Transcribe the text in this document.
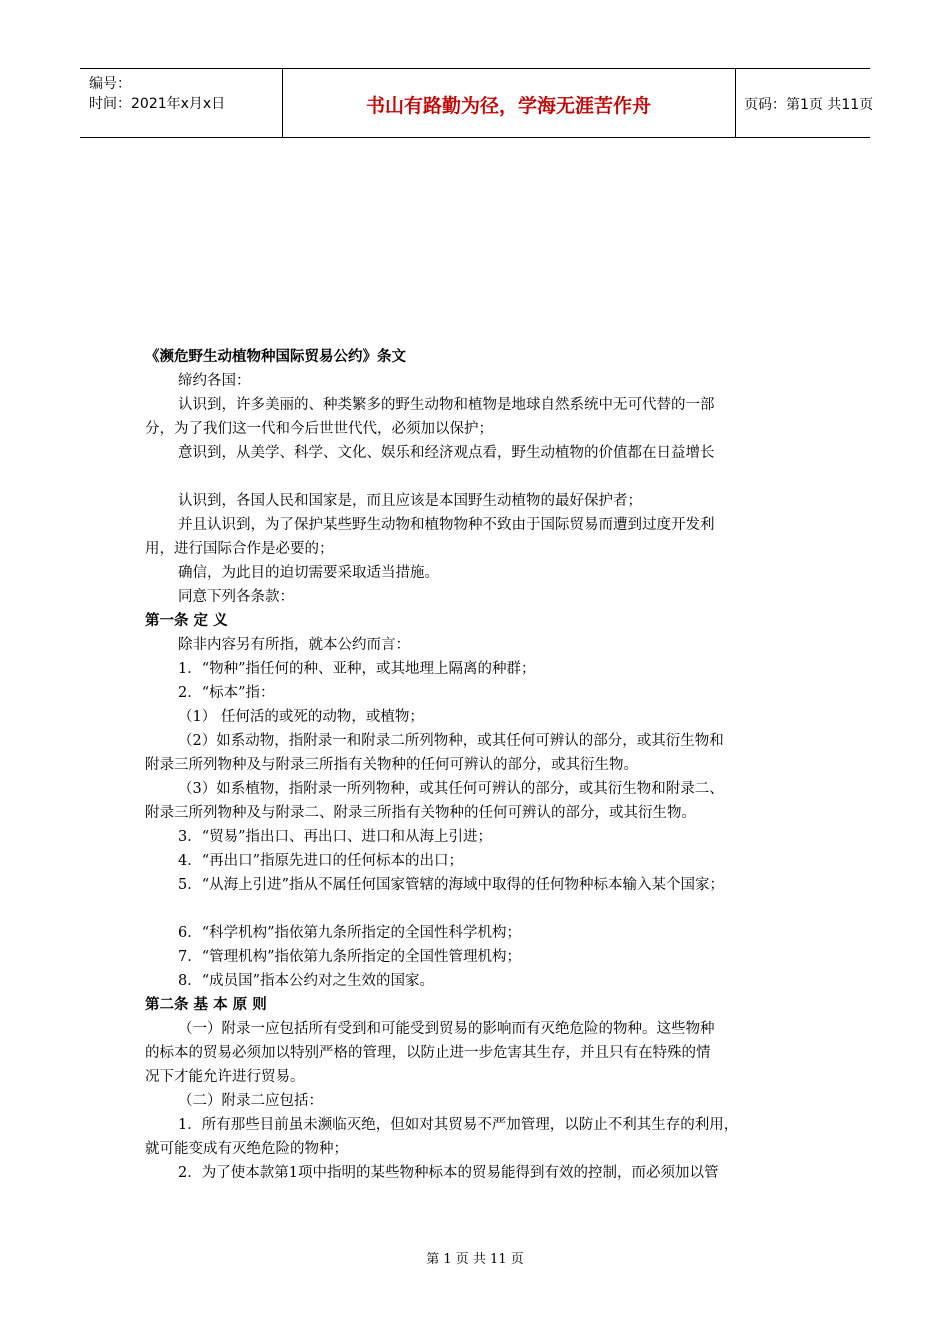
编号：
时间：2021年x月x日	书山有路勤为径，学海无涯苦作舟	页码：第1页 共11页
《濒危野生动植物种国际贸易公约》条文
缔约各国：
认识到，许多美丽的、种类繁多的野生动物和植物是地球自然系统中无可代替的一部
分，为了我们这一代和今后世世代代，必须加以保护；
意识到，从美学、科学、文化、娱乐和经济观点看，野生动植物的价值都在日益增长
认识到，各国人民和国家是，而且应该是本国野生动植物的最好保护者；
并且认识到，为了保护某些野生动物和植物物种不致由于国际贸易而遭到过度开发利
用，进行国际合作是必要的；
确信，为此目的迫切需要采取适当措施。
同意下列各条款：
第一条 定 义
除非内容另有所指，就本公约而言：
1．“物种”指任何的种、亚种，或其地理上隔离的种群；
2．“标本”指：
（1） 任何活的或死的动物，或植物；
（2）如系动物，指附录一和附录二所列物种，或其任何可辨认的部分，或其衍生物和
附录三所列物种及与附录三所指有关物种的任何可辨认的部分，或其衍生物。
（3）如系植物，指附录一所列物种，或其任何可辨认的部分，或其衍生物和附录二、
附录三所列物种及与附录二、附录三所指有关物种的任何可辨认的部分，或其衍生物。
3．“贸易”指出口、再出口、进口和从海上引进；
4．“再出口”指原先进口的任何标本的出口；
5．“从海上引进”指从不属任何国家管辖的海域中取得的任何物种标本输入某个国家；
6．“科学机构”指依第九条所指定的全国性科学机构；
7．“管理机构”指依第九条所指定的全国性管理机构；
8．“成员国”指本公约对之生效的国家。
第二条 基 本 原 则
（一）附录一应包括所有受到和可能受到贸易的影响而有灭绝危险的物种。这些物种
的标本的贸易必须加以特别严格的管理，以防止进一步危害其生存，并且只有在特殊的情
况下才能允许进行贸易。
（二）附录二应包括：
1．所有那些目前虽未濒临灭绝，但如对其贸易不严加管理，以防止不利其生存的利用，
就可能变成有灭绝危险的物种；
2．为了使本款第1项中指明的某些物种标本的贸易能得到有效的控制，而必须加以管
第 1 页 共 11 页
